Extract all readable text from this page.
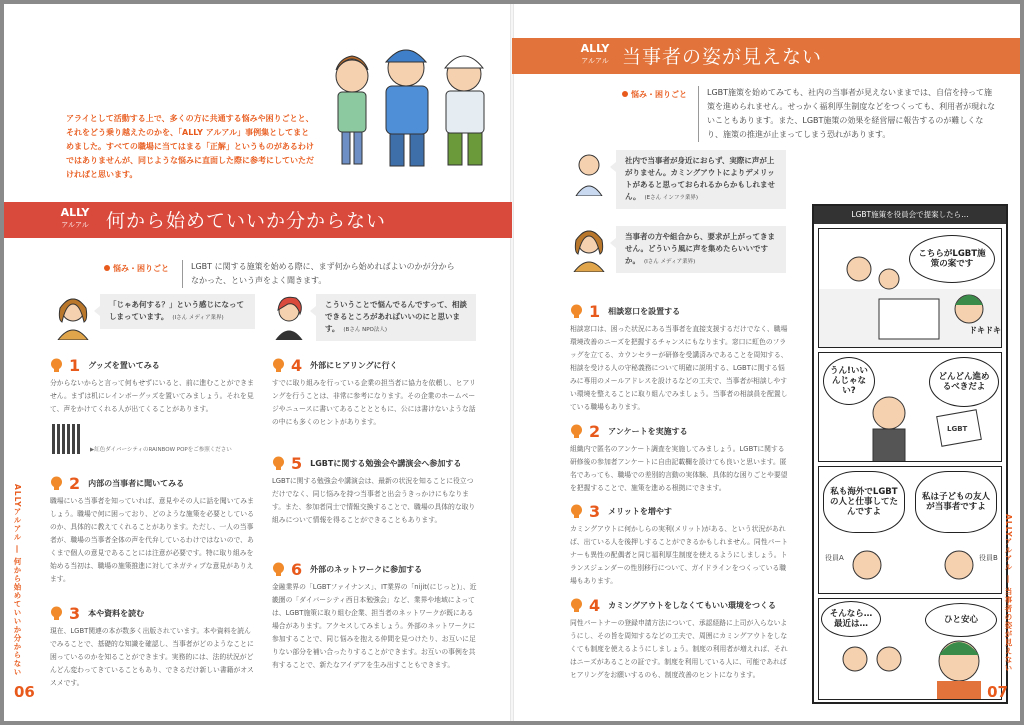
アライとして活動する上で、多くの方に共通する悩みや困りごとと、それをどう乗り越えたのかを、「ALLY アルアル」事例集としてまとめました。すべての職場に当てはまる「正解」というものがあるわけではありませんが、同じような悩みに直面した際に参考にしていただければと思います。
ALLY
アルアル 何から始めていいか分からない
悩み・困りごと	LGBT に関する施策を始める際に、まず何から始めればよいのかが分からなかった、という声をよく聞きます。
「じゃあ何する？」という感じになってしまっています。 (Iさん メディア業界)
こういうことで悩んでるんですって、相談できるところがあればいいのにと思います。 (Bさん NPO法人)
1 グッズを置いてみる
分からないからと言って何もせずにいると、前に進むことができません。まずは机にレインボーグッズを置いてみましょう。それを見て、声をかけてくれる人が出てくることがあります。
▶紅色ダイバーシティのRAINBOW POPをご参照ください
2 内部の当事者に聞いてみる
職場にいる当事者を知っていれば、意見やその人に話を聞いてみましょう。職場で何に困っており、どのような施策を必要としているのか、具体的に教えてくれることがあります。ただし、一人の当事者が、職場の当事者全体の声を代弁しているわけではないので、あくまで個人の意見であることには注意が必要です。特に取り組みを始める当初は、職場の施策推進に対してネガティブな意見がありえます。
3 本や資料を読む
現在、LGBT関連の本が数多く出版されています。本や資料を読んでみることで、基礎的な知識を確認し、当事者がどのようなことに困っているのかを知ることができます。実務的には、法的状況がどんどん変わってきていることもあり、できるだけ新しい書籍がオススメです。
4 外部にヒアリングに行く
すでに取り組みを行っている企業の担当者に協力を依頼し、ヒアリングを行うことは、非常に参考になります。その企業のホームページやニュースに書いてあることとともに、公には書けないような話の中にも多くのヒントがあります。
5 LGBTに関する勉強会や講演会へ参加する
LGBTに関する勉強会や講演会は、最新の状況を知ることに役立つだけでなく、同じ悩みを持つ当事者と出会うきっかけにもなります。また、参加者同士で情報交換することで、職場の具体的な取り組みについて情報を得ることができることもあります。
6 外部のネットワークに参加する
金融業界の「LGBTファイナンス」、IT業界の「nijit(にじっと)」、近畿圏の「ダイバーシティ西日本勉強会」など、業界や地域によっては、LGBT施策に取り組む企業、担当者のネットワークが既にある場合があります。アクセスしてみましょう。外部のネットワークに参加することで、同じ悩みを抱える仲間を見つけたり、お互いに足りない部分を補い合ったりすることができます。お互いの事例を共有することで、新たなアイデアを生み出すこともできます。
ALLYアルアル ― 何から始めていいか分からない
06
ALLY
アルアル 当事者の姿が見えない
悩み・困りごと	LGBT施策を始めてみても、社内の当事者が見えないままでは、自信を持って施策を進められません。せっかく福利厚生制度などをつくっても、利用者が現れないこともあります。また、LGBT施策の効果を経営層に報告するのが難しくなり、施策の推進が止まってしまう恐れがあります。
社内で当事者が身近におらず、実際に声が上がりません。カミングアウトによりデメリットがあると思っておられるからかもしれません。 (Eさん インフラ業界)
当事者の方や組合から、要求が上がってきません。どういう風に声を集めたらいいですか。 (Iさん メディア業界)
1 相談窓口を設置する
相談窓口は、困った状況にある当事者を直接支援するだけでなく、職場環境改善のニーズを把握するチャンスにもなります。窓口に虹色のフラッグを立てる、カウンセラーが研修を受講済みであることを周知する、相談を受ける人の守秘義務について明確に説明する、LGBTに関する悩みに専用のメールアドレスを設けるなどの工夫で、当事者が相談しやすい環境を整えることに取り組んでみましょう。当事者の相談員を配置している職場もあります。
2 アンケートを実施する
組織内で匿名のアンケート調査を実施してみましょう。LGBTに関する研修後の参加者アンケートに自由記載欄を設けても良いと思います。匿名であっても、職場での差別的言動の実体験、具体的な困りごとや要望を把握することで、施策を進める根拠にできます。
3 メリットを増やす
カミングアウトに何かしらの実利(メリット)がある、という状況があれば、出ている人を後押しすることができるかもしれません。同性パートナーも異性の配偶者と同じ福利厚生制度を使えるようにしましょう。トランスジェンダーの性別移行について、ガイドラインをつくっている職場もあります。
4 カミングアウトをしなくてもいい環境をつくる
同性パートナーの登録申請方法について、承認経路に上司が入らないようにし、その旨を周知するなどの工夫で、周囲にカミングアウトをしなくても制度を使えるようにしましょう。制度の利用者が増えれば、それはニーズがあることの証です。制度を利用している人に、可能であればヒアリングをお願いするのも、制度改善のヒントになります。
LGBT施策を役員会で提案したら…
こちらがLGBT施策の案です
ドキドキ
うん!いいんじゃない?
どんどん進めるべきだよ
LGBT
私も海外でLGBTの人と仕事してたんですよ
私は子どもの友人が当事者ですよ
役員A	役員B
そんなら…最近は…	ひと安心	ALLYアルアル ― 当事者の姿が見えない
07
